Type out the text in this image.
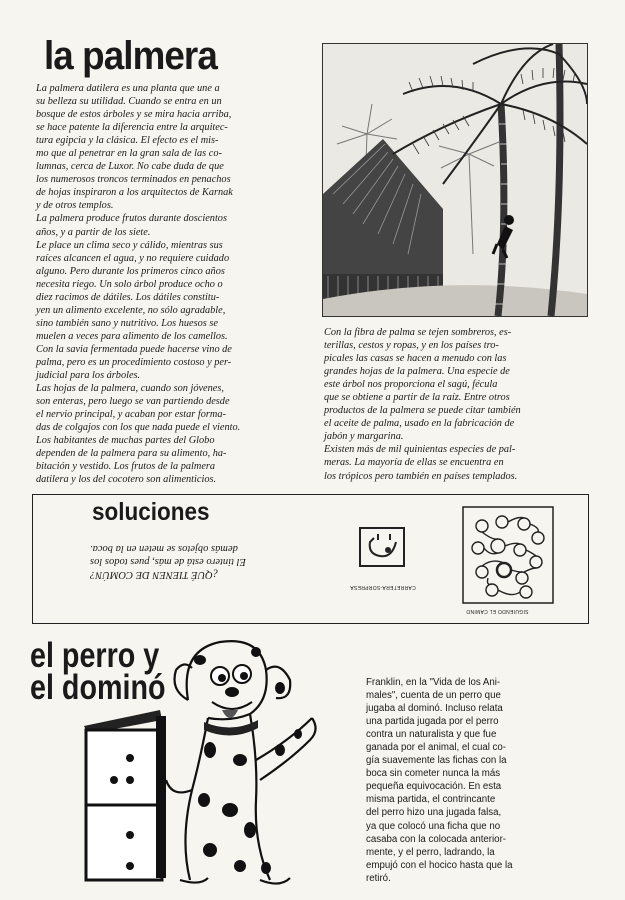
la palmera

La palmera datilera es una planta que une a
su belleza su utilidad. Cuando se entra en un
bosque de estos árboles y se mira hacia arriba,
se hace patente la diferencia entre la arquitec-
tura egipcia y la clásica. El efecto es el mis-
mo que al penetrar en la gran sala de las co-
lumnas, cerca de Luxor. No cabe duda de que
los numerosos troncos terminados en penachos
de hojas inspiraron a los arquitectos de Karnak
y de otros templos.
La palmera produce frutos durante doscientos
años, y a partir de los siete.
Le place un clima seco y cálido, mientras sus
raíces alcancen el agua, y no requiere cuidado
alguno. Pero durante los primeros cinco años
necesita riego. Un solo árbol produce ocho o
diez racimos de dátiles. Los dátiles constitu-
yen un alimento excelente, no sólo agradable,
sino también sano y nutritivo. Los huesos se
muelen a veces para alimento de los camellos.
Con la savia fermentada puede hacerse vino de
palma, pero es un procedimiento costoso y per-
judicial para los árboles.
Las hojas de la palmera, cuando son jóvenes,
son enteras, pero luego se van partiendo desde
el nervio principal, y acaban por estar forma-
das de colgajos con los que nada puede el viento.
Los habitantes de muchas partes del Globo
dependen de la palmera para su alimento, ha-
bitación y vestido. Los frutos de la palmera
datilera y los del cocotero son alimenticios.

Con la fibra de palma se tejen sombreros, es-
terillas, cestos y ropas, y en los países tro-
picales las casas se hacen a menudo con las
grandes hojas de la palmera. Una especie de
este árbol nos proporciona el sagú, fécula
que se obtiene a partir de la raíz. Entre otros
productos de la palmera se puede citar también
el aceite de palma, usado en la fabricación de
jabón y margarina.
Existen más de mil quinientas especies de pal-
meras. La mayoría de ellas se encuentra en
los trópicos pero también en países templados.

soluciones

¿QUÉ TIENEN DE COMÚN?
El tintero está de más, pues todos los
demás objetos se meten en la boca.

CARRETERA-SORPRESA
SIGUIENDO EL CAMINO
el perro y
el dominó	Franklin, en la "Vida de los Ani-
males", cuenta de un perro que
jugaba al dominó. Incluso relata
una partida jugada por el perro
contra un naturalista y que fue
ganada por el animal, el cual co-
gía suavemente las fichas con la
boca sin cometer nunca la más
pequeña equivocación. En esta
misma partida, el contrincante
del perro hizo una jugada falsa,
ya que colocó una ficha que no
casaba con la colocada anterior-
mente, y el perro, ladrando, la
empujó con el hocico hasta que la
retiró.
